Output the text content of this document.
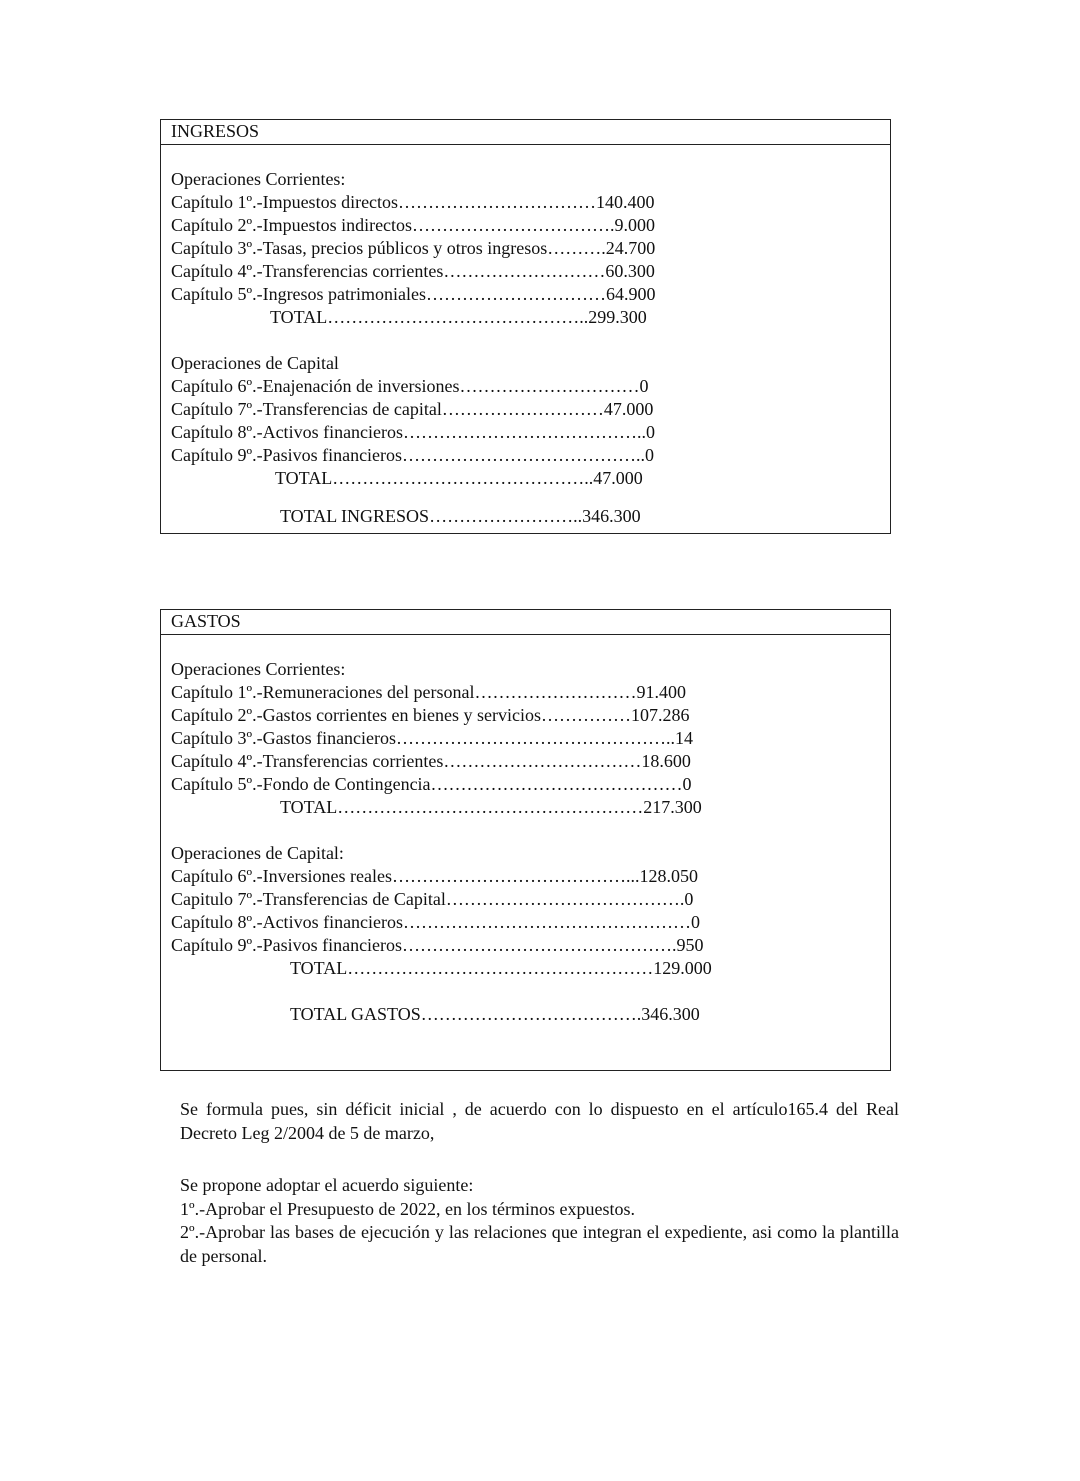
INGRESOS
Operaciones Corrientes:
Capítulo 1º.-Impuestos directos……………………………140.400
Capítulo 2º.-Impuestos indirectos…………………………….9.000
Capítulo 3º.-Tasas, precios públicos y otros ingresos……….24.700
Capítulo 4º.-Transferencias corrientes………………………60.300
Capítulo 5º.-Ingresos patrimoniales…………………………64.900
TOTAL……………………………………..299.300
Operaciones de Capital
Capítulo 6º.-Enajenación de inversiones…………………………0
Capítulo 7º.-Transferencias de capital………………………47.000
Capítulo 8º.-Activos financieros…………………………………..0
Capítulo 9º.-Pasivos financieros…………………………………..0
TOTAL……………………………………..47.000
TOTAL INGRESOS……………………..346.300
GASTOS
Operaciones Corrientes:
Capítulo 1º.-Remuneraciones del personal………………………91.400
Capítulo 2º.-Gastos corrientes en bienes y servicios……………107.286
Capítulo 3º.-Gastos financieros………………………………………..14
Capítulo 4º.-Transferencias corrientes……………………………18.600
Capítulo 5º.-Fondo de Contingencia……………………………………0
TOTAL……………………………………………217.300
Operaciones de Capital:
Capítulo 6º.-Inversiones reales…………………………………...128.050
Capitulo 7º.-Transferencias de Capital………………………………….0
Capítulo 8º.-Activos financieros…………………………………………0
Capítulo 9º.-Pasivos financieros……………………………………….950
TOTAL……………………………………………129.000
TOTAL GASTOS……………………………….346.300
Se formula pues, sin déficit inicial , de acuerdo con lo dispuesto en el artículo165.4 del Real Decreto Leg 2/2004 de 5 de marzo,
Se propone adoptar el acuerdo siguiente:
1º.-Aprobar el Presupuesto de 2022, en los términos expuestos.
2º.-Aprobar las bases de ejecución y las relaciones que integran el expediente, asi como la plantilla de personal.
